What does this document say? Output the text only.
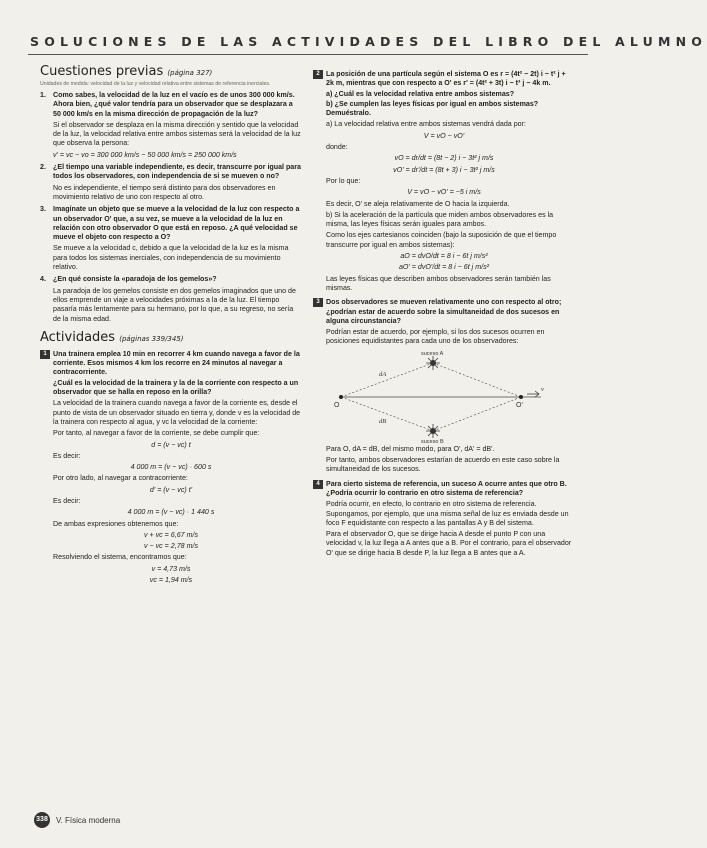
SOLUCIONES DE LAS ACTIVIDADES DEL LIBRO DEL ALUMNO

Cuestiones previas (página 327)

Unidades de medida: velocidad de la luz y velocidad relativa entre sistemas de referencia inerciales.

1. Como sabes, la velocidad de la luz en el vacío es de unos 300 000 km/s. Ahora bien, ¿qué valor tendría para un observador que se desplazara a 50 000 km/s en la misma dirección de propagación de la luz?

Si el observador se desplaza en la misma dirección y sentido que la velocidad de la luz, la velocidad relativa entre ambos sistemas será la velocidad de la luz que observa la persona:

v' = vc − vo = 300 000 km/s − 50 000 km/s = 250 000 km/s

2. ¿El tiempo una variable independiente, es decir, transcurre por igual para todos los observadores, con independencia de si se mueven o no?

No es independiente, el tiempo será distinto para dos observadores en movimiento relativo de uno con respecto al otro.

3. Imagínate un objeto que se mueve a la velocidad de la luz con respecto a un observador O' que, a su vez, se mueve a la velocidad de la luz en relación con otro observador O que está en reposo. ¿A qué velocidad se mueve el objeto con respecto a O?

Se mueve a la velocidad c, debido a que la velocidad de la luz es la misma para todos los sistemas inerciales, con independencia de su movimiento relativo.

4. ¿En qué consiste la «paradoja de los gemelos»?

La paradoja de los gemelos consiste en dos gemelos imaginados que uno de ellos emprende un viaje a velocidades próximas a la de la luz. El tiempo pasaría más lentamente para su hermano, por lo que, a su regreso, no sería de la misma edad.

Actividades (páginas 339/345)

1 Una trainera emplea 10 min en recorrer 4 km cuando navega a favor de la corriente. Esos mismos 4 km los recorre en 24 minutos al navegar a contracorriente.

¿Cuál es la velocidad de la trainera y la de la corriente con respecto a un observador que se halla en reposo en la orilla?

La velocidad de la trainera cuando navega a favor de la corriente es, desde el punto de vista de un observador situado en tierra y, donde v es la velocidad de la trainera con respecto al agua, y vc la velocidad de la corriente:

Por tanto, al navegar a favor de la corriente, se debe cumplir que:

d = (v − vc) t

Es decir:

4 000 m = (v − vc) · 600 s

Por otro lado, al navegar a contracorriente:

d' = (v − vc) t'

Es decir:

4 000 m = (v − vc) · 1 440 s

De ambas expresiones obtenemos que:

v + vc = 6,67 m/s

v − vc = 2,78 m/s

Resolviendo el sistema, encontramos que:

v = 4,73 m/s

vc = 1,94 m/s

2 La posición de una partícula según el sistema O es r = (4t² − 2t) i − t² j + 2k m, mientras que con respecto a O' es r' = (4t² + 3t) i − t³ j − 4k m.

a) ¿Cuál es la velocidad relativa entre ambos sistemas?

b) ¿Se cumplen las leyes físicas por igual en ambos sistemas? Demuéstralo.

a) La velocidad relativa entre ambos sistemas vendrá dada por:

V = vO − vO'

donde:

vO = dr/dt = (8t − 2) i − 3t² j m/s

vO' = dr'/dt = (8t + 3) i − 3t² j m/s

Por lo que:

V = vO − vO' = −5 i m/s

Es decir, O' se aleja relativamente de O hacia la izquierda.

b) Si la aceleración de la partícula que miden ambos observadores es la misma, las leyes físicas serán iguales para ambos.

Como los ejes cartesianos coinciden (bajo la suposición de que el tiempo transcurre por igual en ambos sistemas):

aO = dvO/dt = 8 i − 6t j m/s²

aO' = dvO'/dt = 8 i − 6t j m/s²

Las leyes físicas que describen ambos observadores serán también las mismas.

3 Dos observadores se mueven relativamente uno con respecto al otro; ¿podrían estar de acuerdo sobre la simultaneidad de dos sucesos en alguna circunstancia?

Podrían estar de acuerdo, por ejemplo, si los dos sucesos ocurren en posiciones equidistantes para cada uno de los observadores:

suceso A
suceso B
O	O'
v
dA
dB

Para O, dA = dB, del mismo modo, para O', dA' = dB'.

Por tanto, ambos observadores estarían de acuerdo en este caso sobre la simultaneidad de los sucesos.

4 Para cierto sistema de referencia, un suceso A ocurre antes que otro B. ¿Podría ocurrir lo contrario en otro sistema de referencia?

Podría ocurrir, en efecto, lo contrario en otro sistema de referencia. Supongamos, por ejemplo, que una misma señal de luz es enviada desde un foco F equidistante con respecto a las pantallas A y B del sistema.

Para el observador O, que se dirige hacia A desde el punto P con una velocidad v, la luz llega a A antes que a B. Por el contrario, para el observador O' que se dirige hacia B desde P, la luz llega a B antes que a A.

338 V. Física moderna
